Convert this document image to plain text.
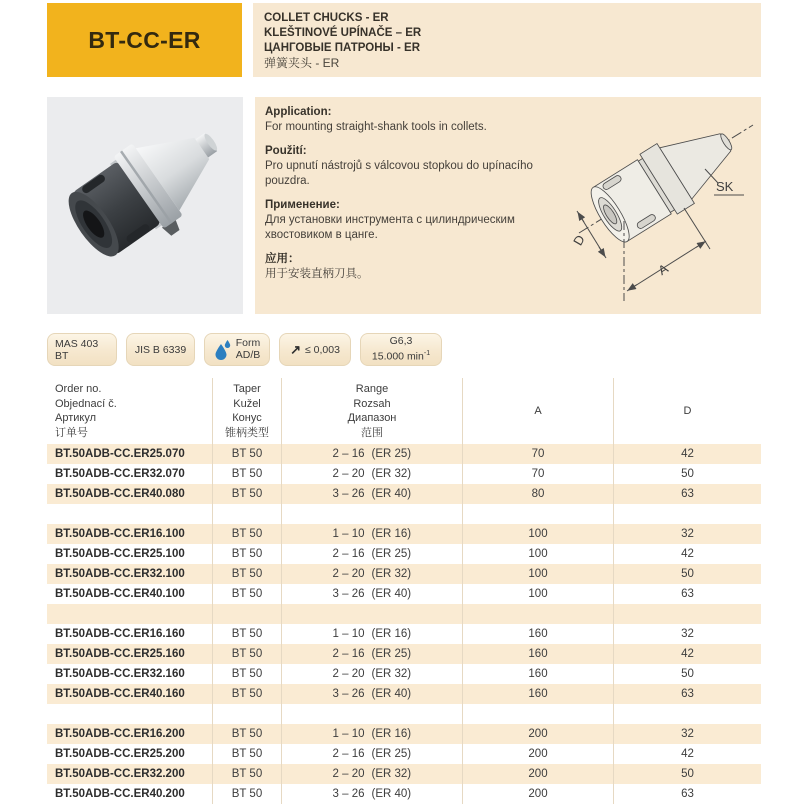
BT-CC-ER
COLLET CHUCKS - ER
KLEŠTINOVÉ UPÍNAČE – ER
ЦАНГОВЫЕ ПАТРОНЫ - ER
弹簧夹头 - ER
Application:
For mounting straight-shank tools in collets.
Použití:
Pro upnutí nástrojů s válcovou stopkou do upínacího pouzdra.
Применение:
Для установки инструмента с цилиндрическим хвостовиком в цанге.
应用：
用于安装直柄刀具。
SK
D
A
MAS 403 BT	JIS B 6339
Form
AD/B ↗ ≤ 0,003
G6,3
15.000 $\min^{-1}$
Order no.
Objednací č.
Артикул
订单号
Taper
Kužel
Конус
锥柄类型
Range
Rozsah
Диапазон
范围
A	D
BT.50ADB-CC.ER25.070	BT 50	2 – 16 (ER 25)	70	42
BT.50ADB-CC.ER32.070	BT 50	2 – 20 (ER 32)	70	50
BT.50ADB-CC.ER40.080	BT 50	3 – 26 (ER 40)	80	63
BT.50ADB-CC.ER16.100	BT 50	1 – 10 (ER 16)	100	32
BT.50ADB-CC.ER25.100	BT 50	2 – 16 (ER 25)	100	42
BT.50ADB-CC.ER32.100	BT 50	2 – 20 (ER 32)	100	50
BT.50ADB-CC.ER40.100	BT 50	3 – 26 (ER 40)	100	63
BT.50ADB-CC.ER16.160	BT 50	1 – 10 (ER 16)	160	32
BT.50ADB-CC.ER25.160	BT 50	2 – 16 (ER 25)	160	42
BT.50ADB-CC.ER32.160	BT 50	2 – 20 (ER 32)	160	50
BT.50ADB-CC.ER40.160	BT 50	3 – 26 (ER 40)	160	63
BT.50ADB-CC.ER16.200	BT 50	1 – 10 (ER 16)	200	32
BT.50ADB-CC.ER25.200	BT 50	2 – 16 (ER 25)	200	42
BT.50ADB-CC.ER32.200	BT 50	2 – 20 (ER 32)	200	50
BT.50ADB-CC.ER40.200	BT 50	3 – 26 (ER 40)	200	63
